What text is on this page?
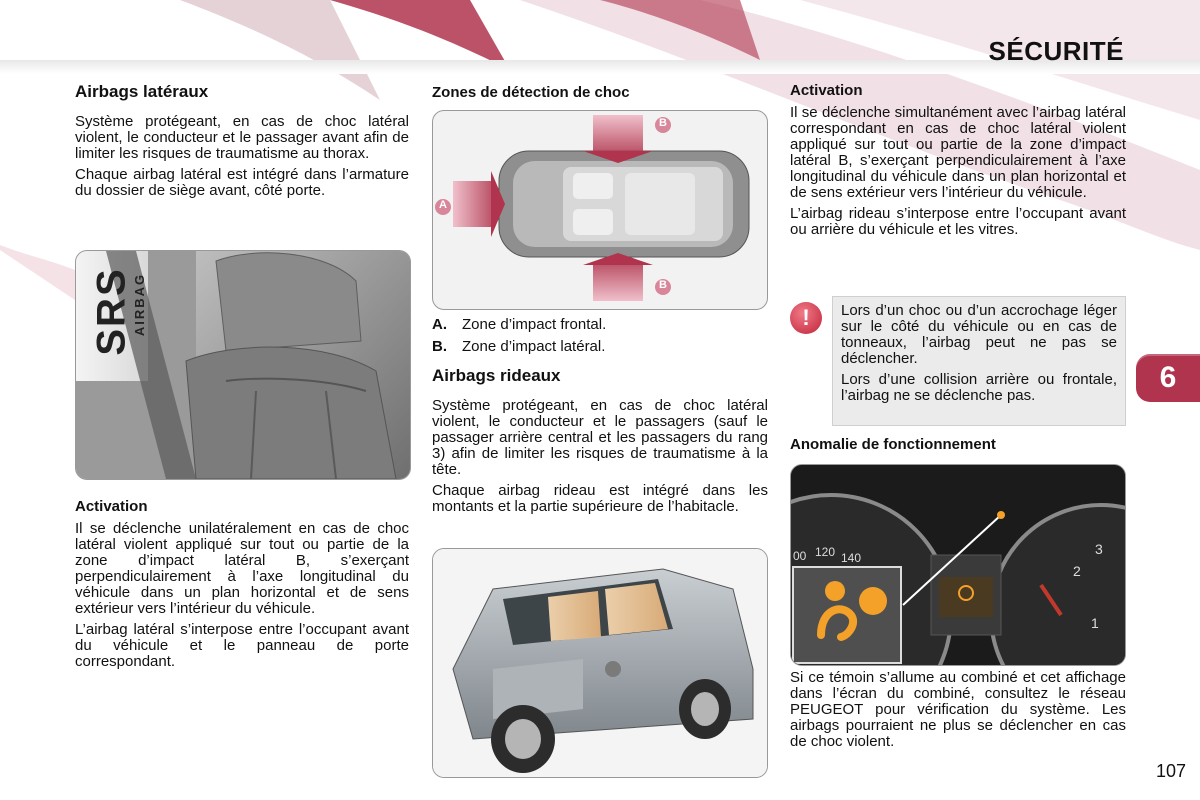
SÉCURITÉ
Airbags latéraux

Système protégeant, en cas de choc latéral violent, le conducteur et le passager avant afin de limiter les risques de traumatisme au thorax.

Chaque airbag latéral est intégré dans l’armature du dossier de siège avant, côté porte.

SRS
AIRBAG
Activation

Il se déclenche unilatéralement en cas de choc latéral violent appliqué sur tout ou partie de la zone d’impact latéral B, s’exerçant perpendiculairement à l’axe longitudinal du véhicule dans un plan horizontal et de sens extérieur vers l’intérieur du véhicule.

L’airbag latéral s’interpose entre l’occupant avant du véhicule et le panneau de porte correspondant.

Zones de détection de choc
B
B
A
A. Zone d’impact frontal.
B. Zone d’impact latéral.
Airbags rideaux

Système protégeant, en cas de choc latéral violent, le conducteur et le passagers (sauf le passager arrière central et les passagers du rang 3) afin de limiter les risques de traumatisme à la tête.

Chaque airbag rideau est intégré dans les montants et la partie supérieure de l’habitacle.

Activation

Il se déclenche simultanément avec l’airbag latéral correspondant en cas de choc latéral violent appliqué sur tout ou partie de la zone d’impact latéral B, s’exerçant perpendiculairement à l’axe longitudinal du véhicule dans un plan horizontal et de sens extérieur vers l’intérieur du véhicule.

L’airbag rideau s’interpose entre l’occupant avant ou arrière du véhicule et les vitres.

!	Lors d’un choc ou d’un accrochage léger sur le côté du véhicule ou en cas de tonneaux, l’airbag peut ne pas se déclencher.

Lors d’une collision arrière ou frontale, l’airbag ne se déclenche pas.

Anomalie de fonctionnement
120 140
00
1
2
3

Si ce témoin s’allume au combiné et cet affichage dans l’écran du combiné, consultez le réseau PEUGEOT pour vérification du système. Les airbags pourraient ne plus se déclencher en cas de choc violent.

6
107
